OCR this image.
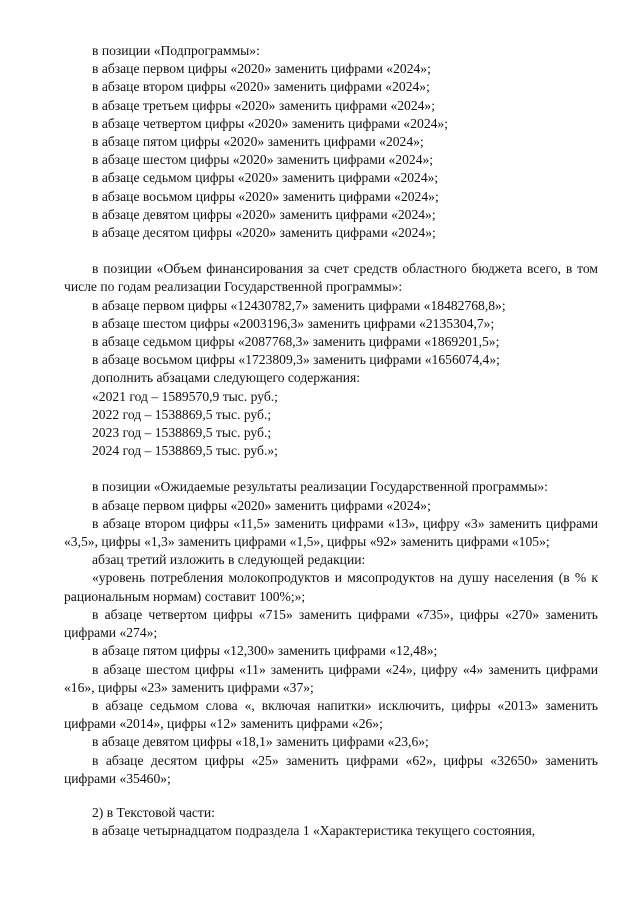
в позиции «Подпрограммы»:

в абзаце первом цифры «2020» заменить цифрами «2024»;

в абзаце втором цифры «2020» заменить цифрами «2024»;

в абзаце третьем цифры «2020» заменить цифрами «2024»;

в абзаце четвертом цифры «2020» заменить цифрами «2024»;

в абзаце пятом цифры «2020» заменить цифрами «2024»;

в абзаце шестом цифры «2020» заменить цифрами «2024»;

в абзаце седьмом цифры «2020» заменить цифрами «2024»;

в абзаце восьмом цифры «2020» заменить цифрами «2024»;

в абзаце девятом цифры «2020» заменить цифрами «2024»;

в абзаце десятом цифры «2020» заменить цифрами «2024»;

в позиции «Объем финансирования за счет средств областного бюджета всего, в том числе по годам реализации Государственной программы»:

в абзаце первом цифры «12430782,7» заменить цифрами «18482768,8»;

в абзаце шестом цифры «2003196,3» заменить цифрами «2135304,7»;

в абзаце седьмом цифры «2087768,3» заменить цифрами «1869201,5»;

в абзаце восьмом цифры «1723809,3» заменить цифрами «1656074,4»;

дополнить абзацами следующего содержания:

«2021 год – 1589570,9 тыс. руб.;

2022 год – 1538869,5 тыс. руб.;

2023 год – 1538869,5 тыс. руб.;

2024 год – 1538869,5 тыс. руб.»;

в позиции «Ожидаемые результаты реализации Государственной программы»:

в абзаце первом цифры «2020» заменить цифрами «2024»;

в абзаце втором цифры «11,5» заменить цифрами «13», цифру «3» заменить цифрами «3,5», цифры «1,3» заменить цифрами «1,5», цифры «92» заменить цифрами «105»;

абзац третий изложить в следующей редакции:

«уровень потребления молокопродуктов и мясопродуктов на душу населения (в % к рациональным нормам) составит 100%;»;

в абзаце четвертом цифры «715» заменить цифрами «735», цифры «270» заменить цифрами «274»;

в абзаце пятом цифры «12,300» заменить цифрами «12,48»;

в абзаце шестом цифры «11» заменить цифрами «24», цифру «4» заменить цифрами «16», цифры «23» заменить цифрами «37»;

в абзаце седьмом слова «, включая напитки» исключить, цифры «2013» заменить цифрами «2014», цифры «12» заменить цифрами «26»;

в абзаце девятом цифры «18,1» заменить цифрами «23,6»;

в абзаце десятом цифры «25» заменить цифрами «62», цифры «32650» заменить цифрами «35460»;

2) в Текстовой части:

в абзаце четырнадцатом подраздела 1 «Характеристика текущего состояния,
